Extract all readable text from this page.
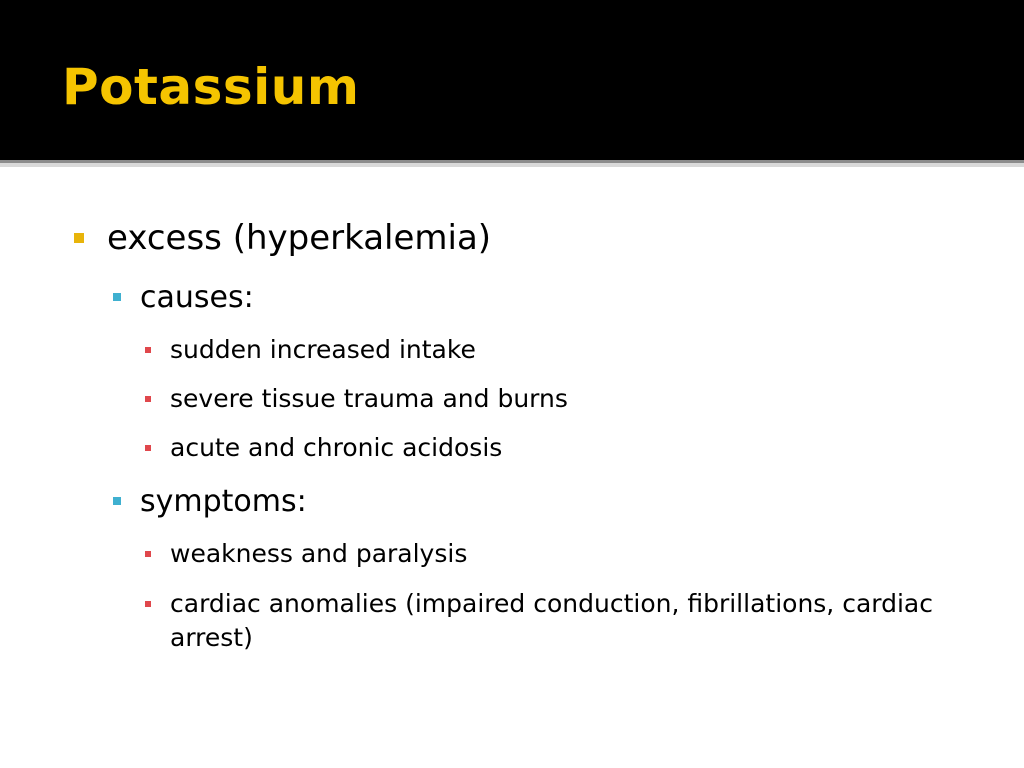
Potassium
excess (hyperkalemia)
causes:
sudden increased intake
severe tissue trauma and burns
acute and chronic acidosis
symptoms:
weakness and paralysis
cardiac anomalies (impaired conduction, fibrillations, cardiac arrest)
